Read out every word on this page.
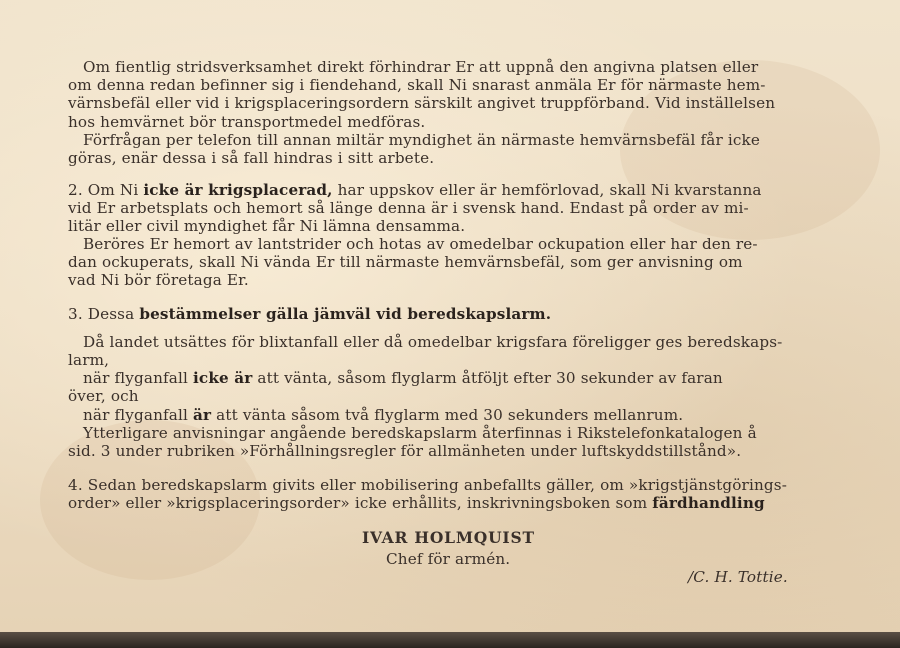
Om fientlig stridsverksamhet direkt förhindrar Er att uppnå den angivna platsen eller
om denna redan befinner sig i fiendehand, skall Ni snarast anmäla Er för närmaste hem-
värnsbefäl eller vid i krigsplaceringsordern särskilt angivet truppförband. Vid inställelsen
hos hemvärnet bör transportmedel medföras.
Förfrågan per telefon till annan miltär myndighet än närmaste hemvärnsbefäl får icke
göras, enär dessa i så fall hindras i sitt arbete.
2. Om Ni icke är krigsplacerad, har uppskov eller är hemförlovad, skall Ni kvarstanna
vid Er arbetsplats och hemort så länge denna är i svensk hand. Endast på order av mi-
litär eller civil myndighet får Ni lämna densamma.
Beröres Er hemort av lantstrider och hotas av omedelbar ockupation eller har den re-
dan ockuperats, skall Ni vända Er till närmaste hemvärnsbefäl, som ger anvisning om
vad Ni bör företaga Er.
3. Dessa bestämmelser gälla jämväl vid beredskapslarm.
Då landet utsättes för blixtanfall eller då omedelbar krigsfara föreligger ges beredskaps-
larm,
när flyganfall icke är att vänta, såsom flyglarm åtföljt efter 30 sekunder av faran
över, och
när flyganfall är att vänta såsom två flyglarm med 30 sekunders mellanrum.
Ytterligare anvisningar angående beredskapslarm återfinnas i Rikstelefonkatalogen å
sid. 3 under rubriken »Förhållningsregler för allmänheten under luftskyddstillstånd».
4. Sedan beredskapslarm givits eller mobilisering anbefallts gäller, om »krigstjänstgörings-
order» eller »krigsplaceringsorder» icke erhållits, inskrivningsboken som färdhandling
IVAR HOLMQUIST
Chef för armén.
/C. H. Tottie.
